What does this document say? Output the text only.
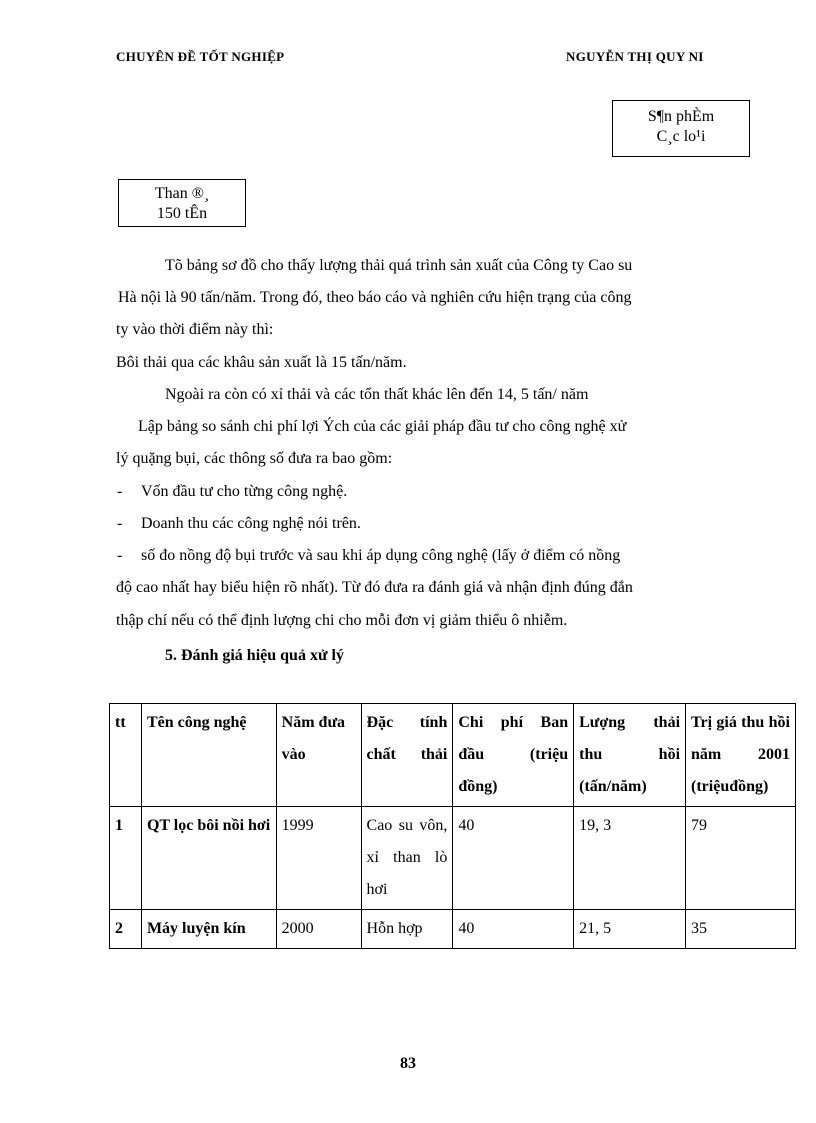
CHUYÊN ĐỀ TỐT NGHIỆP	NGUYỄN THỊ QUY NI
S¶n phÈm
C¸c lo¹i
Than ®¸
150 tÊn
Tõ bảng sơ đồ cho thấy lượng thải quá trình sản xuất của Công ty Cao su
Hà nội là 90 tấn/năm. Trong đó, theo báo cáo và nghiên cứu hiện trạng của công
ty vào thời điểm này thì:
Bôi thải qua các khâu sản xuất là 15 tấn/năm.
Ngoài ra còn có xỉ thải và các tổn thất khác lên đến 14, 5 tấn/ năm
Lập bảng so sánh chi phí lợi Ých của các giải pháp đầu tư cho công nghệ xử
lý quặng bụi, các thông số đưa ra bao gồm:
-	Vốn đầu tư cho từng công nghệ.
-	Doanh thu các công nghệ nói trên.
-	số đo nồng độ bụi trước và sau khi áp dụng công nghệ (lấy ở điểm có nồng
độ cao nhất hay biểu hiện rõ nhất). Từ đó đưa ra đánh giá và nhận định đúng đắn
thập chí nếu có thể định lượng chi cho mỗi đơn vị giảm thiểu ô nhiễm.
5. Đánh giá hiệu quả xử lý
tt	Tên công nghệ	Năm đưa vào	Đặc tính chất thải	Chi phí Ban đầu (triệu đồng)	Lượng thải thu hồi (tấn/năm)	Trị giá thu hồi năm 2001 (triệuđồng)
1	QT lọc bôi nồi hơi	1999	Cao su vôn, xỉ than lò hơi	40	19, 3	79
2	Máy luyện kín	2000	Hỗn hợp	40	21, 5	35
83
